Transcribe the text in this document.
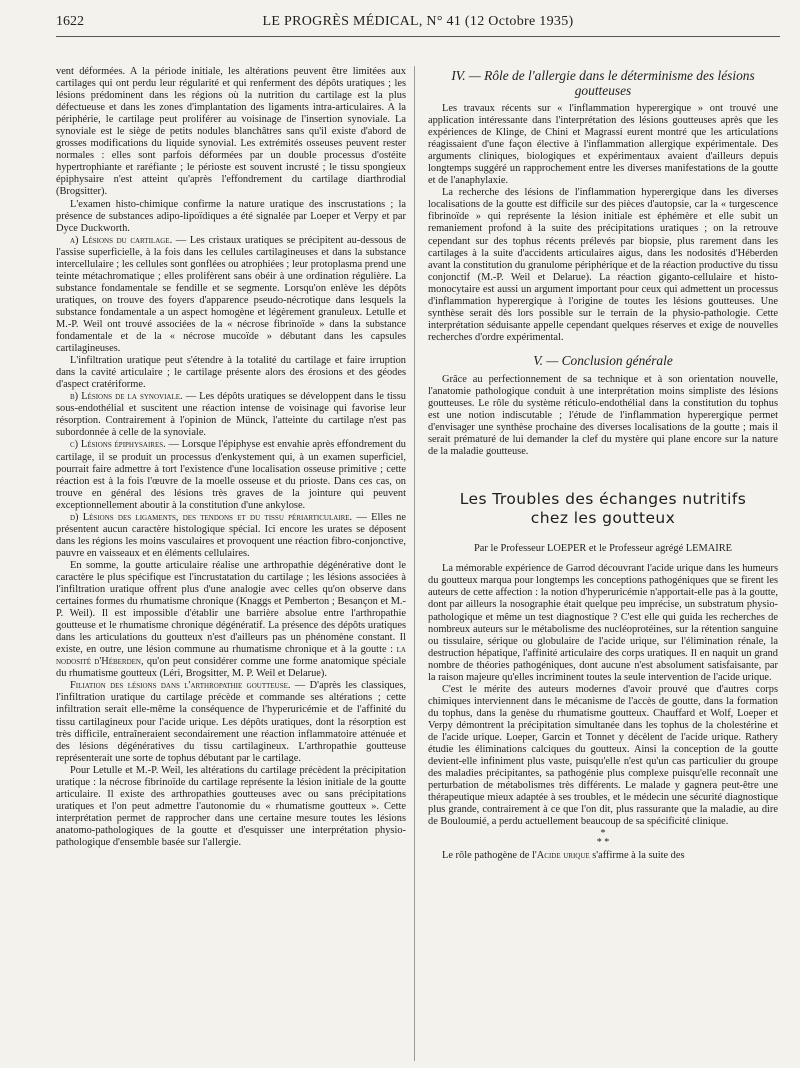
1622	LE PROGRÈS MÉDICAL, N° 41 (12 Octobre 1935)

vent déformées. A la période initiale, les altérations peuvent être limitées aux cartilages qui ont perdu leur régularité et qui renferment des dépôts uratiques ; les lésions prédominent dans les régions où la nutrition du cartilage est la plus défectueuse et dans les zones d'implantation des ligaments intra-articulaires. A la périphérie, le cartilage peut proliférer au voisinage de l'insertion synoviale. La synoviale est le siège de petits nodules blanchâtres sans qu'il existe d'abord de grosses modifications du liquide synovial. Les extrémités osseuses peuvent rester normales : elles sont parfois déformées par un double processus d'ostéite hypertrophiante et raréfiante ; le périoste est souvent incrusté ; le tissu spongieux épiphysaire n'est atteint qu'après l'effondrement du cartilage diarthrodial (Brogsitter).

L'examen histo-chimique confirme la nature uratique des inscrustations ; la présence de substances adipo-lipoïdiques a été signalée par Loeper et Verpy et par Dyce Duckworth.

a) Lésions du cartilage. — Les cristaux uratiques se précipitent au-dessous de l'assise superficielle, à la fois dans les cellules cartilagineuses et dans la substance intercellulaire ; les cellules sont gonflées ou atrophiées ; leur protoplasma prend une teinte métachromatique ; elles prolifèrent sans obéir à une ordination régulière. La substance fondamentale se fendille et se segmente. Lorsqu'on enlève les dépôts uratiques, on trouve des foyers d'apparence pseudo-nécrotique dans lesquels la substance fondamentale a un aspect homogène et légèrement granuleux. Letulle et M.-P. Weil ont trouvé associées de la « nécrose fibrinoïde » dans la substance fondamentale et de la « nécrose mucoïde » débutant dans les capsules cartilagineuses.

L'infiltration uratique peut s'étendre à la totalité du cartilage et faire irruption dans la cavité articulaire ; le cartilage présente alors des érosions et des géodes d'aspect cratériforme.

b) Lésions de la synoviale. — Les dépôts uratiques se développent dans le tissu sous-endothélial et suscitent une réaction intense de voisinage qui favorise leur résorption. Contrairement à l'opinion de Münck, l'atteinte du cartilage n'est pas subordonnée à celle de la synoviale.

c) Lésions épiphysaires. — Lorsque l'épiphyse est envahie après effondrement du cartilage, il se produit un processus d'enkystement qui, à un examen superficiel, pourrait faire admettre à tort l'existence d'une localisation osseuse primitive ; cette réaction est à la fois l'œuvre de la moelle osseuse et du prioste. Dans ces cas, on trouve en général des lésions très graves de la jointure qui peuvent exceptionnellement aboutir à la constitution d'une ankylose.

d) Lésions des ligaments, des tendons et du tissu périarticulaire. — Elles ne présentent aucun caractère histologique spécial. Ici encore les urates se déposent dans les régions les moins vasculaires et provoquent une réaction fibro-conjonctive, pauvre en vaisseaux et en éléments cellulaires.

En somme, la goutte articulaire réalise une arthropathie dégénérative dont le caractère le plus spécifique est l'incrustatation du cartilage ; les lésions associées à l'infiltration uratique offrent plus d'une analogie avec celles qu'on observe dans certaines formes du rhumatisme chronique (Knaggs et Pemberton ; Besançon et M.-P. Weil). Il est impossible d'établir une barrière absolue entre l'arthropathie goutteuse et le rhumatisme chronique dégénératif. La présence des dépôts uratiques dans les articulations du goutteux n'est d'ailleurs pas un phénomène constant. Il existe, en outre, une lésion commune au rhumatisme chronique et à la goutte : la nodosité d'Héberden, qu'on peut considérer comme une forme anatomique spéciale du rhumatisme goutteux (Léri, Brogsitter, M. P. Weil et Delarue).

Filiation des lésions dans l'arthropathie goutteuse. — D'après les classiques, l'infiltration uratique du cartilage précède et commande ses altérations ; cette infiltration serait elle-même la conséquence de l'hyperuricémie et de l'affinité du tissu cartilagineux pour l'acide urique. Les dépôts uratiques, dont la résorption est très difficile, entraîneraient secondairement une réaction inflammatoire atténuée et des lésions dégénératives du tissu cartilagineux. L'arthropathie goutteuse représenterait une sorte de tophus débutant par le cartilage.

Pour Letulle et M.-P. Weil, les altérations du cartilage précèdent la précipitation uratique : la nécrose fibrinoïde du cartilage représente la lésion initiale de la goutte articulaire. Il existe des arthropathies goutteuses avec ou sans précipitations uratiques et l'on peut admettre l'autonomie du « rhumatisme goutteux ». Cette interprétation permet de rapprocher dans une certaine mesure toutes les lésions anatomo-pathologiques de la goutte et d'esquisser une interprétation physio-pathologique d'ensemble basée sur l'allergie.

IV. — Rôle de l'allergie dans le déterminisme des lésions goutteuses

Les travaux récents sur « l'inflammation hyperergique » ont trouvé une application intéressante dans l'interprétation des lésions goutteuses après que les expériences de Klinge, de Chini et Magrassi eurent montré que les articulations réagissaient d'une façon élective à l'inflammation allergique expérimentale. Des arguments cliniques, biologiques et expérimentaux avaient d'ailleurs depuis longtemps suggéré un rapprochement entre les diverses manifestations de la goutte et de l'anaphylaxie.

La recherche des lésions de l'inflammation hyperergique dans les diverses localisations de la goutte est difficile sur des pièces d'autopsie, car la « turgescence fibrinoïde » qui représente la lésion initiale est éphémère et elle subit un remaniement profond à la suite des précipitations uratiques ; on la retrouve cependant sur des tophus récents prélevés par biopsie, plus rarement dans les cartilages à la suite d'accidents articulaires aigus, dans les nodosités d'Héberden avant la constitution du granulome périphérique et de la réaction productive du tissu conjonctif (M.-P. Weil et Delarue). La réaction giganto-cellulaire et histo-monocytaire est aussi un argument important pour ceux qui admettent un processus d'inflammation hyperergique à l'origine de toutes les lésions goutteuses. Une synthèse serait dès lors possible sur le terrain de la physio-pathologie. Cette interprétation séduisante appelle cependant quelques réserves et exige de nouvelles recherches d'ordre expérimental.

V. — Conclusion générale

Grâce au perfectionnement de sa technique et à son orientation nouvelle, l'anatomie pathologique conduit à une interprétation moins simpliste des lésions goutteuses. Le rôle du système réticulo-endothélial dans la constitution du tophus est une notion indiscutable ; l'étude de l'inflammation hyperergique permet d'envisager une synthèse prochaine des diverses localisations de la goutte ; mais il serait prématuré de lui demander la clef du mystère qui plane encore sur la nature de la maladie goutteuse.

Les Troubles des échanges nutritifs
chez les goutteux
Par le Professeur LOEPER et le Professeur agrégé LEMAIRE

La mémorable expérience de Garrod découvrant l'acide urique dans les humeurs du goutteux marqua pour longtemps les conceptions pathogéniques que se firent les auteurs de cette affection : la notion d'hyperuricémie n'apportait-elle pas à la goutte, dont par ailleurs la nosographie était quelque peu imprécise, un substratum physio-pathologique et même un test diagnostique ? C'est elle qui guida les recherches de nombreux auteurs sur le métabolisme des nucléoprotéines, sur la rétention sanguine ou tissulaire, sérique ou globulaire de l'acide urique, sur l'élimination rénale, la destruction hépatique, l'affinité articulaire des corps uratiques. Il en naquit un grand nombre de théories pathogéniques, dont aucune n'est absolument satisfaisante, par la raison majeure qu'elles incriminent toutes la seule intervention de l'acide urique.

C'est le mérite des auteurs modernes d'avoir prouvé que d'autres corps chimiques interviennent dans le mécanisme de l'accès de goutte, dans la formation du tophus, dans la genèse du rhumatisme goutteux. Chauffard et Wolf, Loeper et Verpy démontrent la précipitation simultanée dans les tophus de la cholestérine et de l'acide urique. Loeper, Garcin et Tonnet y décèlent de l'acide urique. Rathery étudie les éliminations calciques du goutteux. Ainsi la conception de la goutte devient-elle infiniment plus vaste, puisqu'elle n'est qu'un cas particulier du groupe des maladies précipitantes, sa pathogénie plus complexe puisqu'elle reconnaît une perturbation de métabolismes très différents. Le malade y gagnera peut-être une thérapeutique mieux adaptée à ses troubles, et le médecin une sécurité diagnostique plus grande, contrairement à ce que l'on dit, plus rassurante que la maladie, au dire de Bouloumié, a perdu actuellement beaucoup de sa spécificité clinique.

*
* *

Le rôle pathogène de l'Acide urique s'affirme à la suite des
